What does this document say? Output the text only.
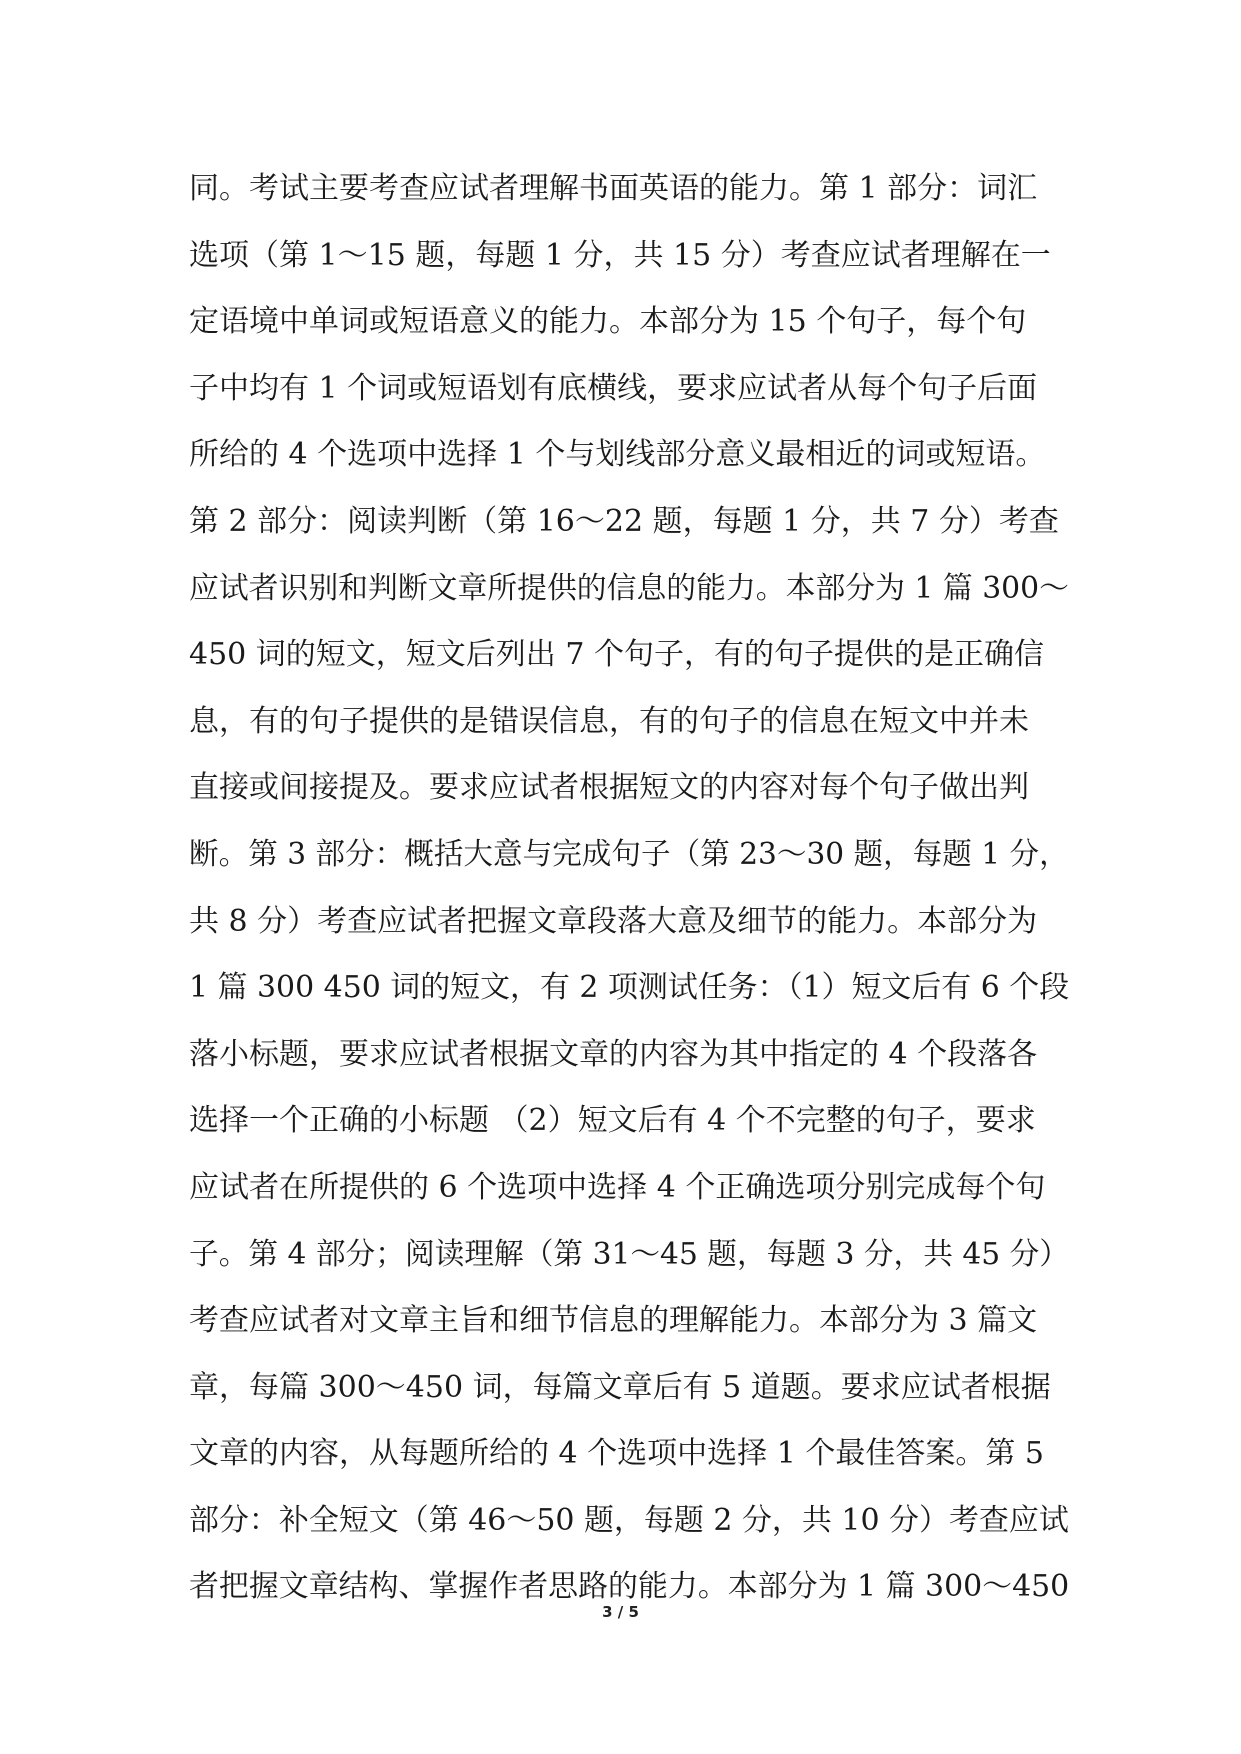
同。考试主要考查应试者理解书面英语的能力。第 1 部分：词汇
选项（第 1～15 题，每题 1 分，共 15 分）考查应试者理解在一
定语境中单词或短语意义的能力。本部分为 15 个句子，每个句
子中均有 1 个词或短语划有底横线，要求应试者从每个句子后面
所给的 4 个选项中选择 1 个与划线部分意义最相近的词或短语。
第 2 部分：阅读判断（第 16～22 题，每题 1 分，共 7 分）考查
应试者识别和判断文章所提供的信息的能力。本部分为 1 篇 300～
450 词的短文，短文后列出 7 个句子，有的句子提供的是正确信
息，有的句子提供的是错误信息，有的句子的信息在短文中并未
直接或间接提及。要求应试者根据短文的内容对每个句子做出判
断。第 3 部分：概括大意与完成句子（第 23～30 题，每题 1 分，
共 8 分）考查应试者把握文章段落大意及细节的能力。本部分为
1 篇 300 450 词的短文，有 2 项测试任务：（1）短文后有 6 个段
落小标题，要求应试者根据文章的内容为其中指定的 4 个段落各
选择一个正确的小标题 （2）短文后有 4 个不完整的句子，要求
应试者在所提供的 6 个选项中选择 4 个正确选项分别完成每个句
子。第 4 部分；阅读理解（第 31～45 题，每题 3 分，共 45 分）
考查应试者对文章主旨和细节信息的理解能力。本部分为 3 篇文
章，每篇 300～450 词，每篇文章后有 5 道题。要求应试者根据
文章的内容，从每题所给的 4 个选项中选择 1 个最佳答案。第 5
部分：补全短文（第 46～50 题，每题 2 分，共 10 分）考查应试
者把握文章结构、掌握作者思路的能力。本部分为 1 篇 300～450
3 / 5
